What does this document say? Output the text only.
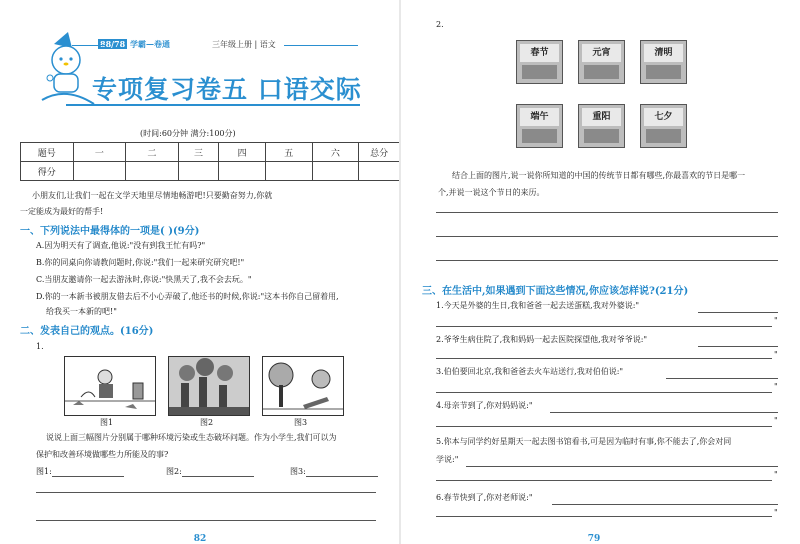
88/78 学霸—卷通	三年级上册 | 语文
专项复习卷五 口语交际
(时间:60分钟 满分:100分)
题号	一	二	三	四	五	六	总分
得分							
小朋友们,让我们一起在文学天地里尽情地畅游吧!只要勤奋努力,你就
一定能成为最好的帮手!
一、下列说法中最得体的一项是( )(9分)
A.因为明天有了调查,他说:"没有到我王忙有吗?"
B.你的同桌向你请教问题时,你说:"我们一起来研究研究吧!"
C.当朋友邀请你一起去游泳时,你说:"快黑天了,我不会去玩。"
D.你的一本新书被朋友借去后不小心弄破了,他还书的时候,你说:"这本书你自己留着用,
给我买一本新的吧!"
二、发表自己的观点。(16分)
1.
图1	图2	图3
说说上面三幅图片分别属于哪种环境污染或生态破坏问题。作为小学生,我们可以为
保护和改善环境做哪些力所能及的事?
图1:	图2:	图3:
82
2.
春节	元宵	清明
端午	重阳	七夕
结合上面的图片,说一说你所知道的中国的传统节日都有哪些,你最喜欢的节日是哪一
个,并说一说这个节日的来历。
三、在生活中,如果遇到下面这些情况,你应该怎样说?(21分)
1.今天是外婆的生日,我和爸爸一起去送蛋糕,我对外婆说:"
"
2.爷爷生病住院了,我和妈妈一起去医院探望他,我对爷爷说:"
"
3.伯伯要回北京,我和爸爸去火车站送行,我对伯伯说:"
"
4.母亲节到了,你对妈妈说:"
"
5.你本与同学约好星期天一起去图书馆看书,可是因为临时有事,你不能去了,你会对同
学说:"
"
6.春节快到了,你对老师说:"
"
79
